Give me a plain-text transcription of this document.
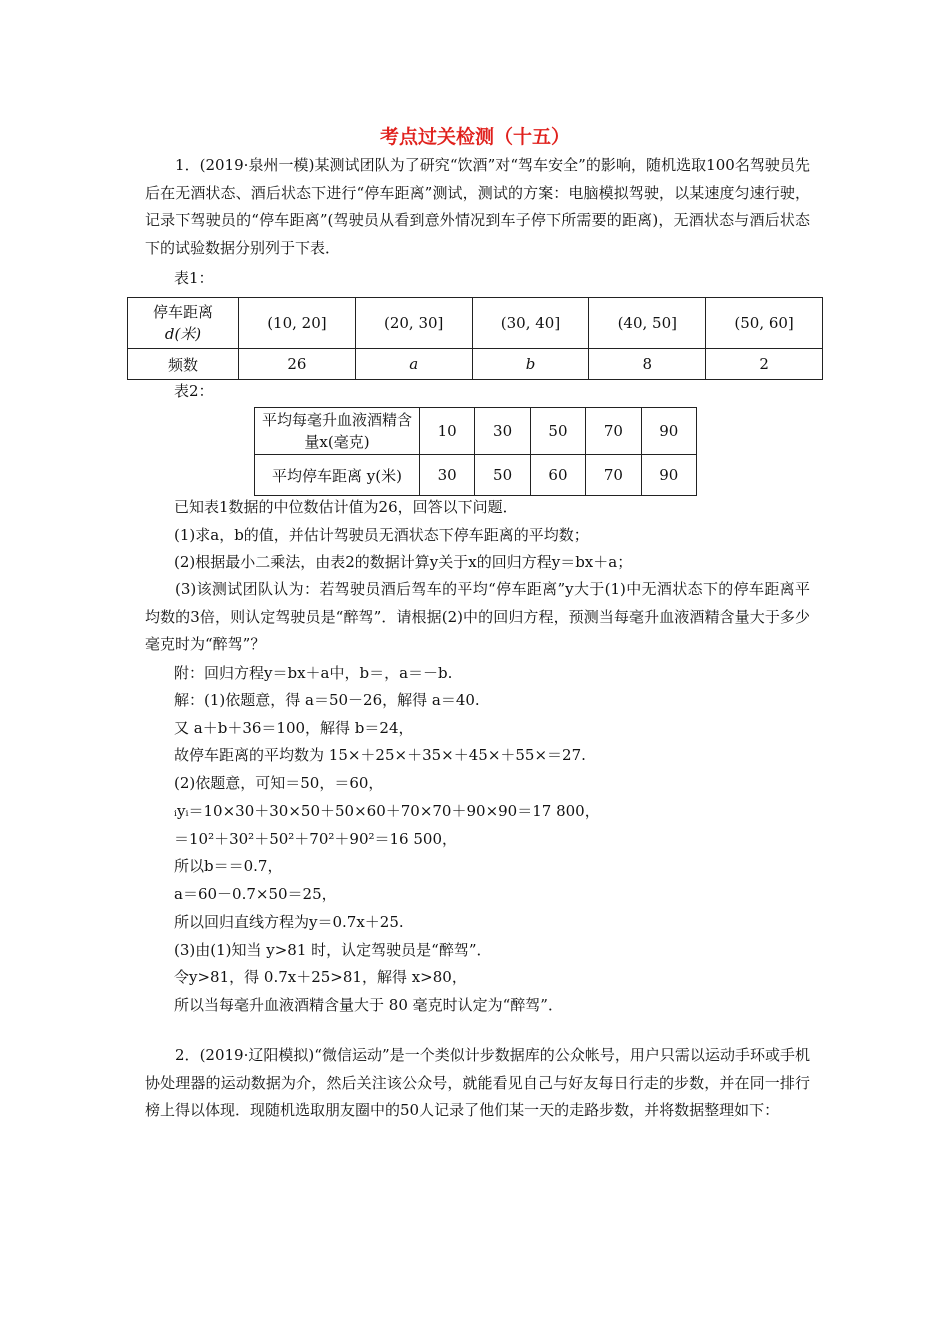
考点过关检测（十五）
1．(2019·泉州一模)某测试团队为了研究“饮酒”对“驾车安全”的影响，随机选取100名驾驶员先后在无酒状态、酒后状态下进行“停车距离”测试，测试的方案：电脑模拟驾驶，以某速度匀速行驶，记录下驾驶员的“停车距离”(驾驶员从看到意外情况到车子停下所需要的距离)，无酒状态与酒后状态下的试验数据分别列于下表．
表1：
停车距离
d(米)	(10, 20]	(20, 30]	(30, 40]	(40, 50]	(50, 60]
频数	26	a	b	8	2
表2：
平均每毫升血液酒精含
量x(毫克)	10	30	50	70	90
平均停车距离 y(米)	30	50	60	70	90
已知表1数据的中位数估计值为26，回答以下问题．
(1)求a，b的值，并估计驾驶员无酒状态下停车距离的平均数；
(2)根据最小二乘法，由表2的数据计算y关于x的回归方程y＝bx＋a；
(3)该测试团队认为：若驾驶员酒后驾车的平均“停车距离”y大于(1)中无酒状态下的停车距离平均数的3倍，则认定驾驶员是“醉驾”．请根据(2)中的回归方程，预测当每毫升血液酒精含量大于多少毫克时为“醉驾”？
附：回归方程y＝bx＋a中，b＝，a＝－b.
解：(1)依题意，得 a＝50－26，解得 a＝40.
又 a＋b＋36＝100，解得 b＝24，
故停车距离的平均数为 15×＋25×＋35×＋45×＋55×＝27.
(2)依题意，可知＝50，＝60，
ᵢyᵢ＝10×30＋30×50＋50×60＋70×70＋90×90＝17 800，
＝10²＋30²＋50²＋70²＋90²＝16 500，
所以b＝＝0.7，
a＝60－0.7×50＝25，
所以回归直线方程为y＝0.7x＋25.
(3)由(1)知当 y>81 时，认定驾驶员是“醉驾”．
令y>81，得 0.7x＋25>81，解得 x>80，
所以当每毫升血液酒精含量大于 80 毫克时认定为“醉驾”．
2．(2019·辽阳模拟)“微信运动”是一个类似计步数据库的公众帐号，用户只需以运动手环或手机协处理器的运动数据为介，然后关注该公众号，就能看见自己与好友每日行走的步数，并在同一排行榜上得以体现．现随机选取朋友圈中的50人记录了他们某一天的走路步数，并将数据整理如下：
